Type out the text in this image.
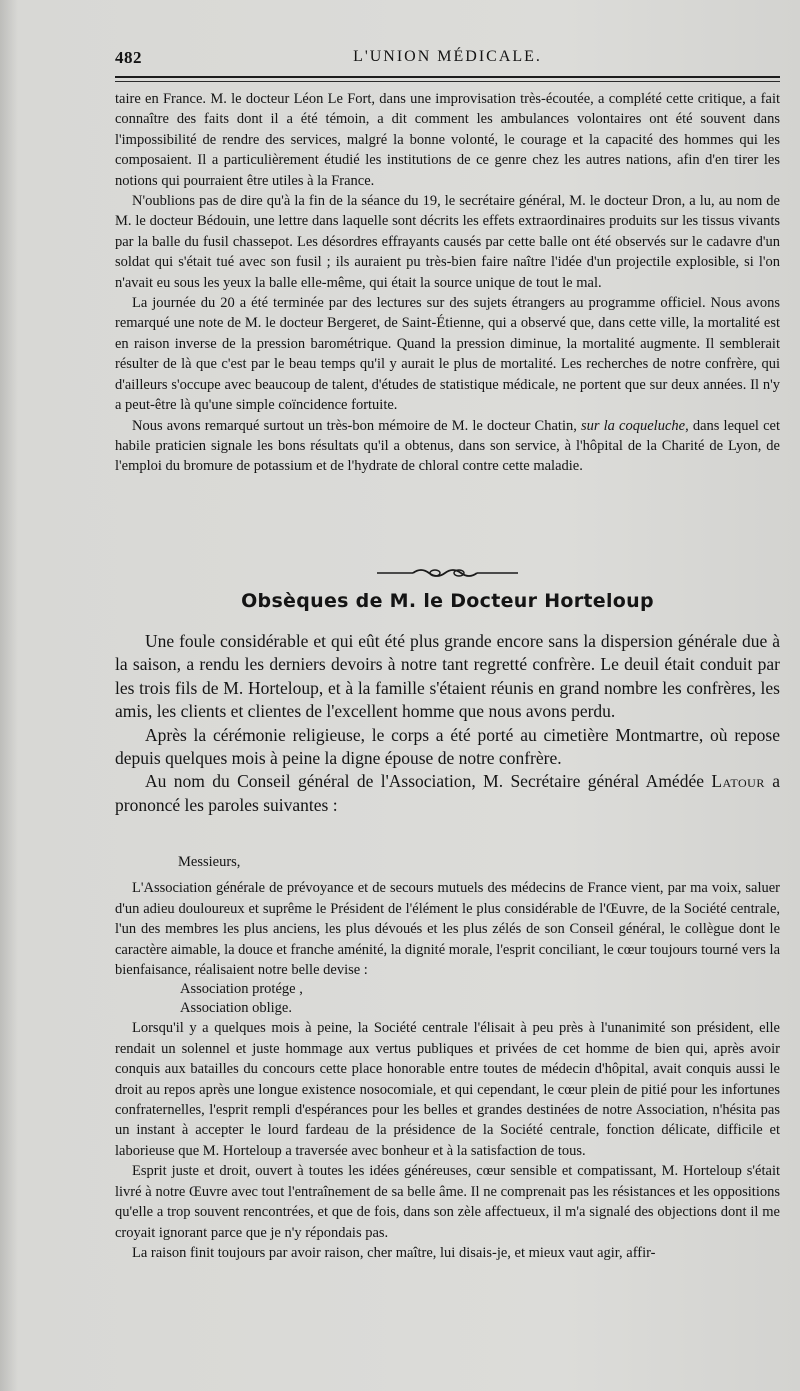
482	L'UNION MÉDICALE.

taire en France. M. le docteur Léon Le Fort, dans une improvisation très-écoutée, a complété cette critique, a fait connaître des faits dont il a été témoin, a dit comment les ambulances volontaires ont été souvent dans l'impossibilité de rendre des services, malgré la bonne volonté, le courage et la capacité des hommes qui les composaient. Il a particulièrement étudié les institutions de ce genre chez les autres nations, afin d'en tirer les notions qui pourraient être utiles à la France.

N'oublions pas de dire qu'à la fin de la séance du 19, le secrétaire général, M. le docteur Dron, a lu, au nom de M. le docteur Bédouin, une lettre dans laquelle sont décrits les effets extraordinaires produits sur les tissus vivants par la balle du fusil chassepot. Les désordres effrayants causés par cette balle ont été observés sur le cadavre d'un soldat qui s'était tué avec son fusil ; ils auraient pu très-bien faire naître l'idée d'un projectile explosible, si l'on n'avait eu sous les yeux la balle elle-même, qui était la source unique de tout le mal.

La journée du 20 a été terminée par des lectures sur des sujets étrangers au programme officiel. Nous avons remarqué une note de M. le docteur Bergeret, de Saint-Étienne, qui a observé que, dans cette ville, la mortalité est en raison inverse de la pression barométrique. Quand la pression diminue, la mortalité augmente. Il semblerait résulter de là que c'est par le beau temps qu'il y aurait le plus de mortalité. Les recherches de notre confrère, qui d'ailleurs s'occupe avec beaucoup de talent, d'études de statistique médicale, ne portent que sur deux années. Il n'y a peut-être là qu'une simple coïncidence fortuite.

Nous avons remarqué surtout un très-bon mémoire de M. le docteur Chatin, sur la coqueluche, dans lequel cet habile praticien signale les bons résultats qu'il a obtenus, dans son service, à l'hôpital de la Charité de Lyon, de l'emploi du bromure de potassium et de l'hydrate de chloral contre cette maladie.

Obsèques de M. le Docteur Horteloup

Une foule considérable et qui eût été plus grande encore sans la dispersion générale due à la saison, a rendu les derniers devoirs à notre tant regretté confrère. Le deuil était conduit par les trois fils de M. Horteloup, et à la famille s'étaient réunis en grand nombre les confrères, les amis, les clients et clientes de l'excellent homme que nous avons perdu.

Après la cérémonie religieuse, le corps a été porté au cimetière Montmartre, où repose depuis quelques mois à peine la digne épouse de notre confrère.

Au nom du Conseil général de l'Association, M. Secrétaire général Amédée Latour a prononcé les paroles suivantes :

Messieurs,

L'Association générale de prévoyance et de secours mutuels des médecins de France vient, par ma voix, saluer d'un adieu douloureux et suprême le Président de l'élément le plus considérable de l'Œuvre, de la Société centrale, l'un des membres les plus anciens, les plus dévoués et les plus zélés de son Conseil général, le collègue dont le caractère aimable, la douce et franche aménité, la dignité morale, l'esprit conciliant, le cœur toujours tourné vers la bienfaisance, réalisaient notre belle devise :

Association protége ,

Association oblige.

Lorsqu'il y a quelques mois à peine, la Société centrale l'élisait à peu près à l'unanimité son président, elle rendait un solennel et juste hommage aux vertus publiques et privées de cet homme de bien qui, après avoir conquis aux batailles du concours cette place honorable entre toutes de médecin d'hôpital, avait conquis aussi le droit au repos après une longue existence nosocomiale, et qui cependant, le cœur plein de pitié pour les infortunes confraternelles, l'esprit rempli d'espérances pour les belles et grandes destinées de notre Association, n'hésita pas un instant à accepter le lourd fardeau de la présidence de la Société centrale, fonction délicate, difficile et laborieuse que M. Horteloup a traversée avec bonheur et à la satisfaction de tous.

Esprit juste et droit, ouvert à toutes les idées généreuses, cœur sensible et compatissant, M. Horteloup s'était livré à notre Œuvre avec tout l'entraînement de sa belle âme. Il ne comprenait pas les résistances et les oppositions qu'elle a trop souvent rencontrées, et que de fois, dans son zèle affectueux, il m'a signalé des objections dont il me croyait ignorant parce que je n'y répondais pas.

La raison finit toujours par avoir raison, cher maître, lui disais-je, et mieux vaut agir, affir-
